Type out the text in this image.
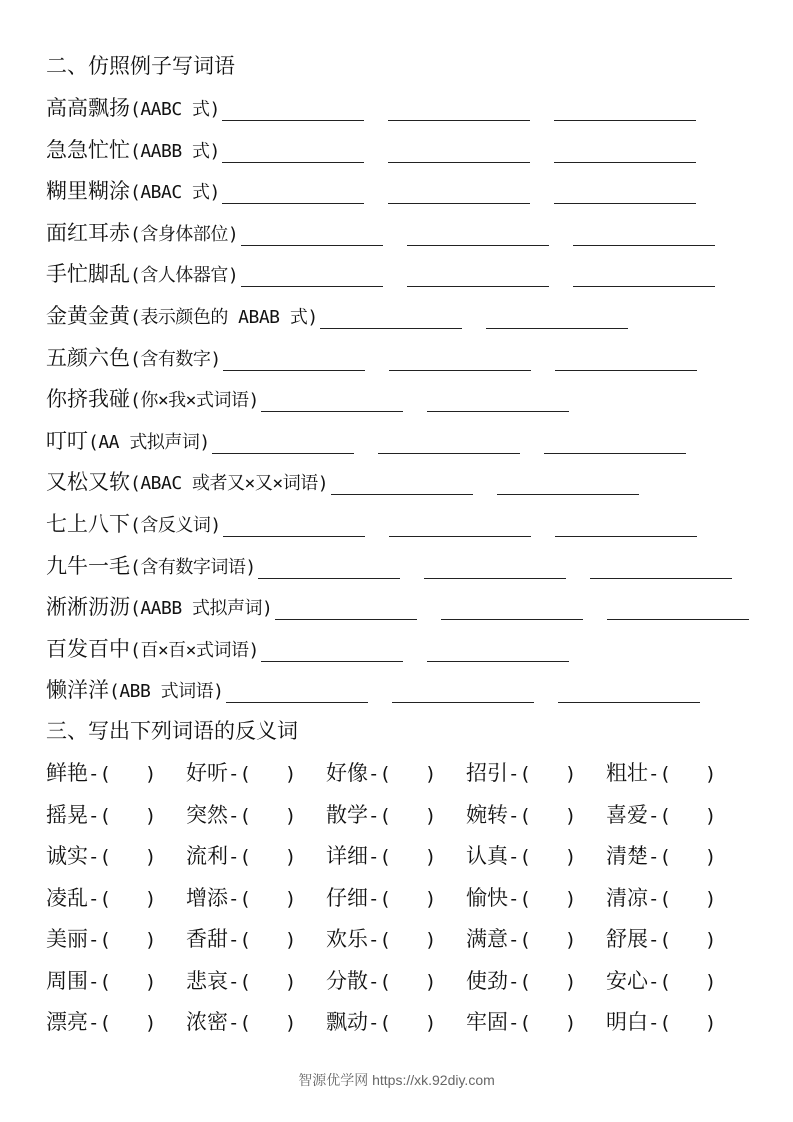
二、仿照例子写词语
高高飘扬(AABC 式)
急急忙忙(AABB 式)
糊里糊涂(ABAC 式)
面红耳赤(含身体部位)
手忙脚乱(含人体器官)
金黄金黄(表示颜色的 ABAB 式)
五颜六色(含有数字)
你挤我碰(你×我×式词语)
叮叮(AA 式拟声词)
又松又软(ABAC 或者又×又×词语)
七上八下(含反义词)
九牛一毛(含有数字词语)
淅淅沥沥(AABB 式拟声词)
百发百中(百×百×式词语)
懒洋洋(ABB 式词语)
三、写出下列词语的反义词
鲜艳-( ) 好听-( ) 好像-( ) 招引-( ) 粗壮-( )
摇晃-( ) 突然-( ) 散学-( ) 婉转-( ) 喜爱-( )
诚实-( ) 流利-( ) 详细-( ) 认真-( ) 清楚-( )
凌乱-( ) 增添-( ) 仔细-( ) 愉快-( ) 清凉-( )
美丽-( ) 香甜-( ) 欢乐-( ) 满意-( ) 舒展-( )
周围-( ) 悲哀-( ) 分散-( ) 使劲-( ) 安心-( )
漂亮-( ) 浓密-( ) 飘动-( ) 牢固-( ) 明白-( )
智源优学网 https://xk.92diy.com
